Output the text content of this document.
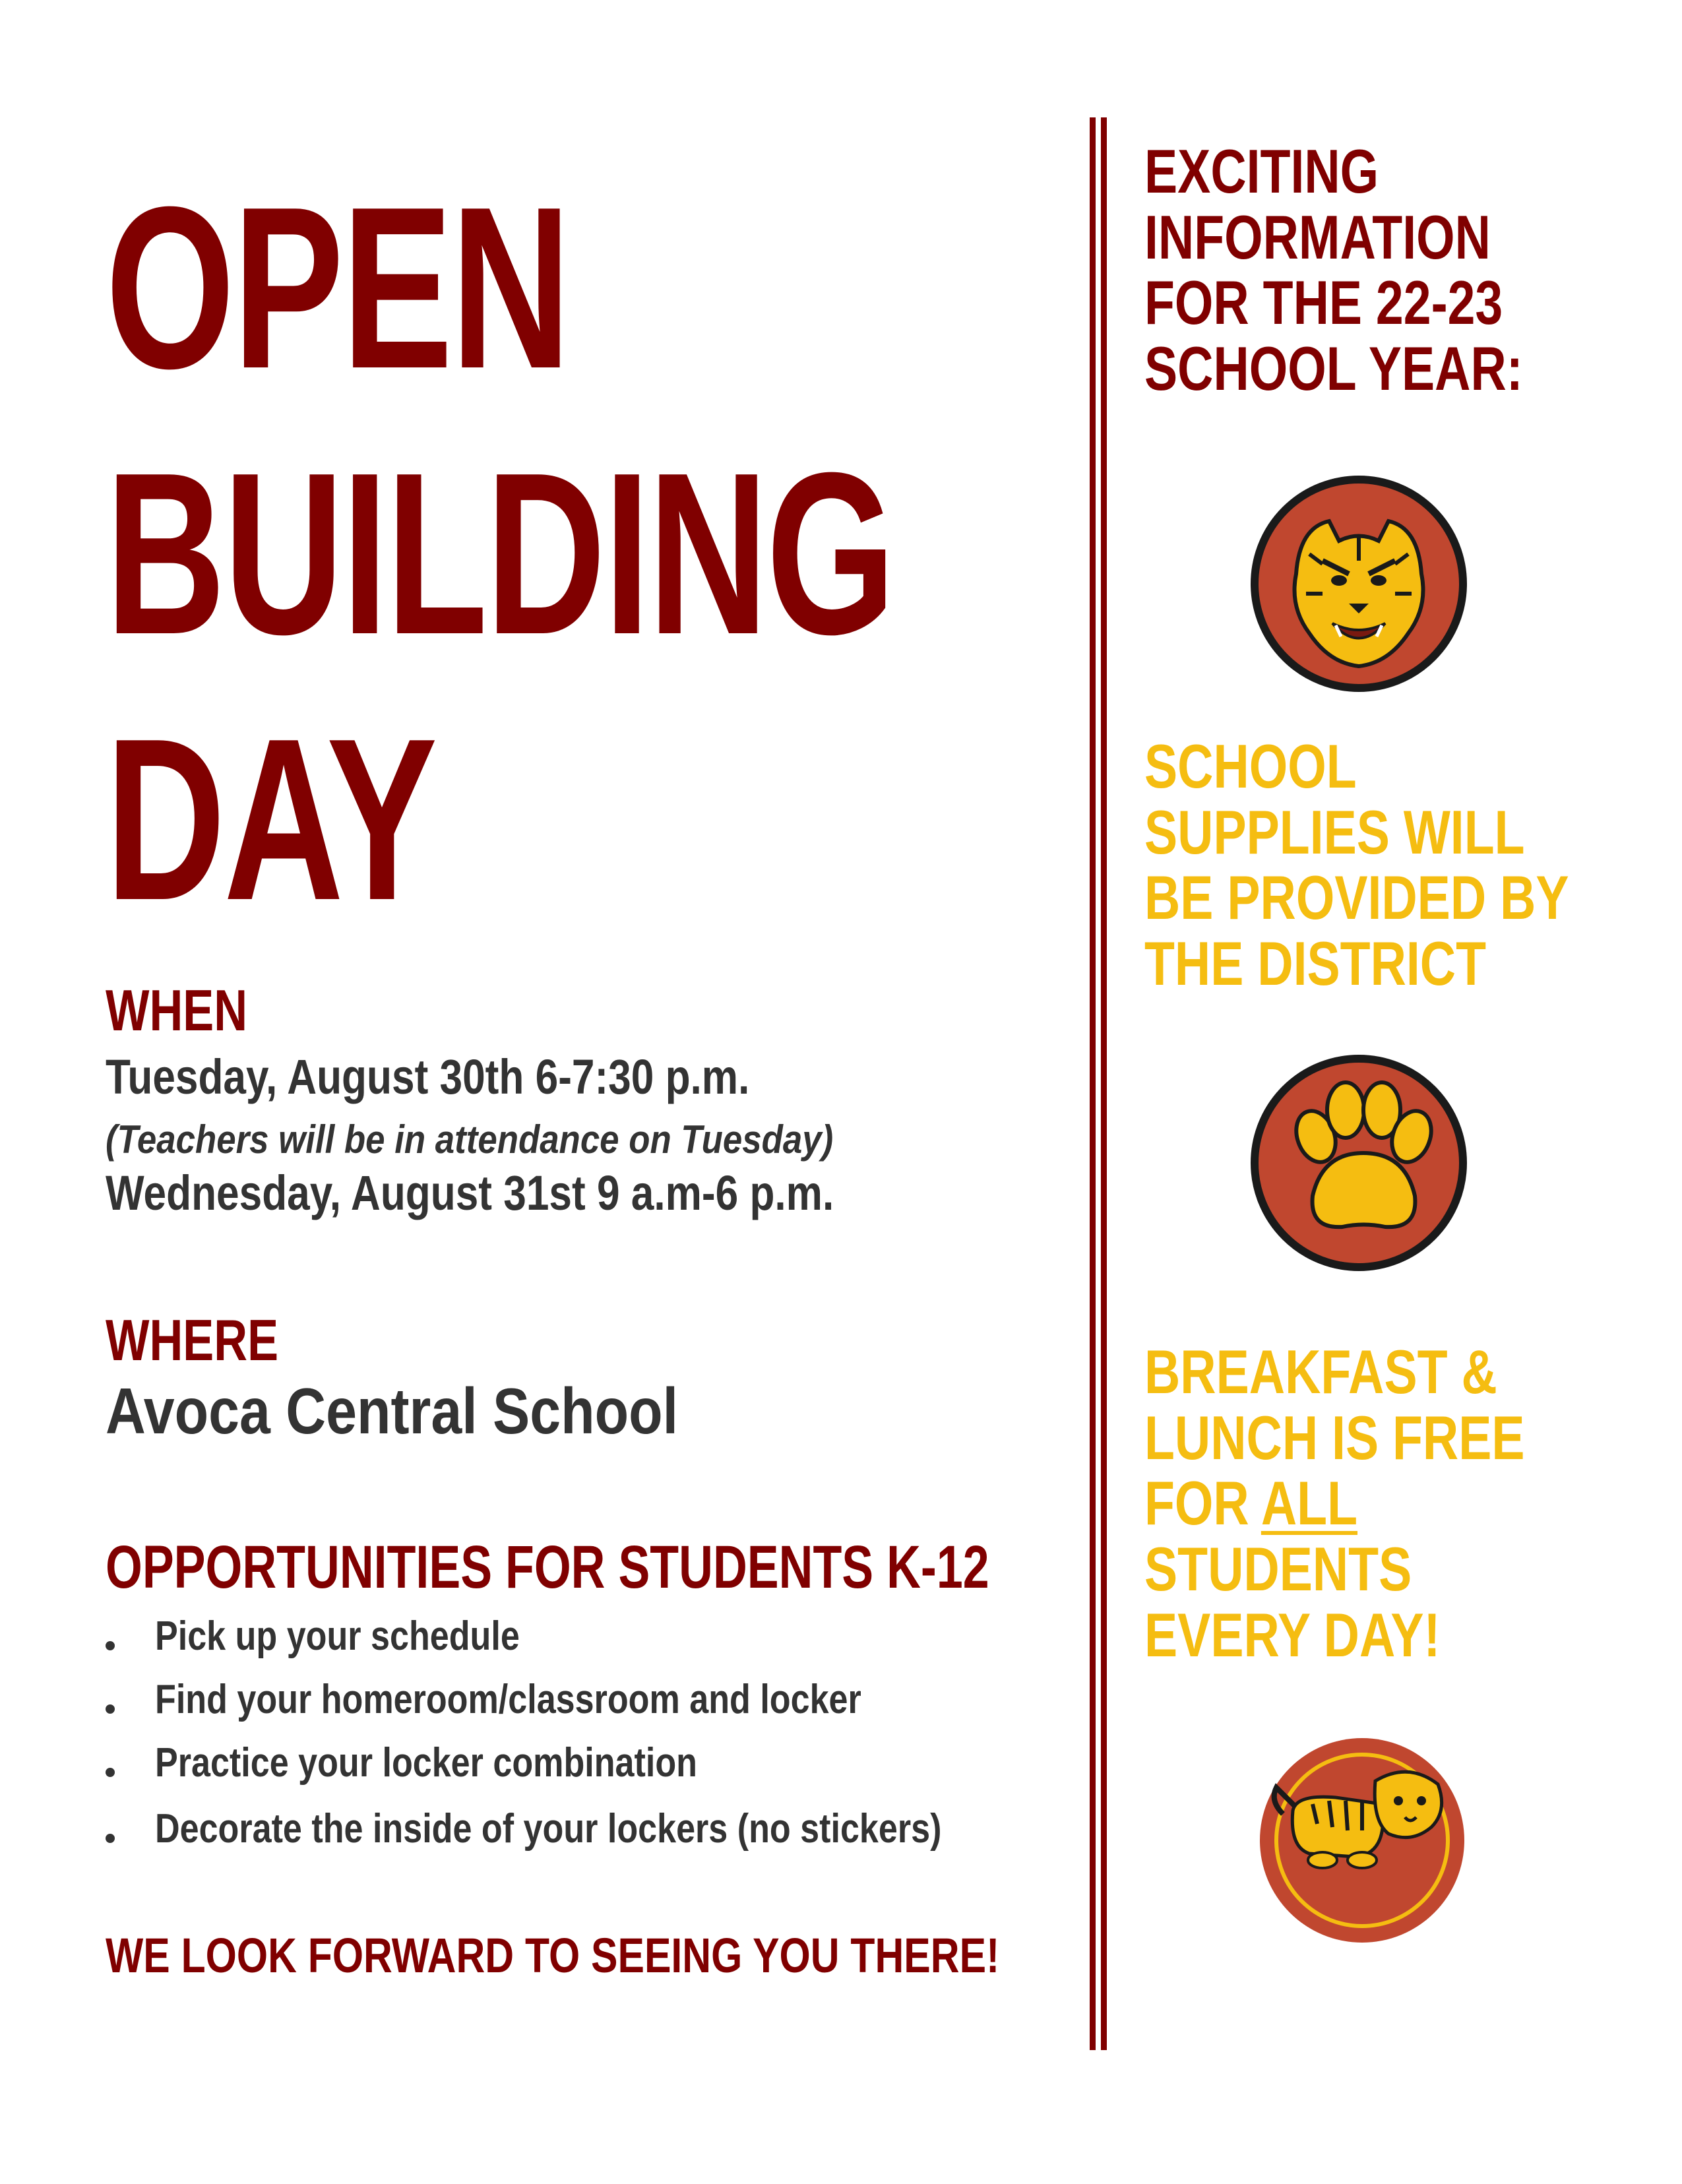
OPEN
BUILDING
DAY
WHEN
Tuesday, August 30th 6-7:30 p.m.
(Teachers will be in attendance on Tuesday)
Wednesday, August 31st 9 a.m-6 p.m.
WHERE
Avoca Central School
OPPORTUNITIES FOR STUDENTS K-12
Pick up your schedule
Find your homeroom/classroom and locker
Practice your locker combination
Decorate the inside of your lockers (no stickers)
WE LOOK FORWARD TO SEEING YOU THERE!
EXCITING
INFORMATION
FOR THE 22-23
SCHOOL YEAR:
SCHOOL
SUPPLIES WILL
BE PROVIDED BY
THE DISTRICT
BREAKFAST &
LUNCH IS FREE
FOR ALL
STUDENTS
EVERY DAY!
